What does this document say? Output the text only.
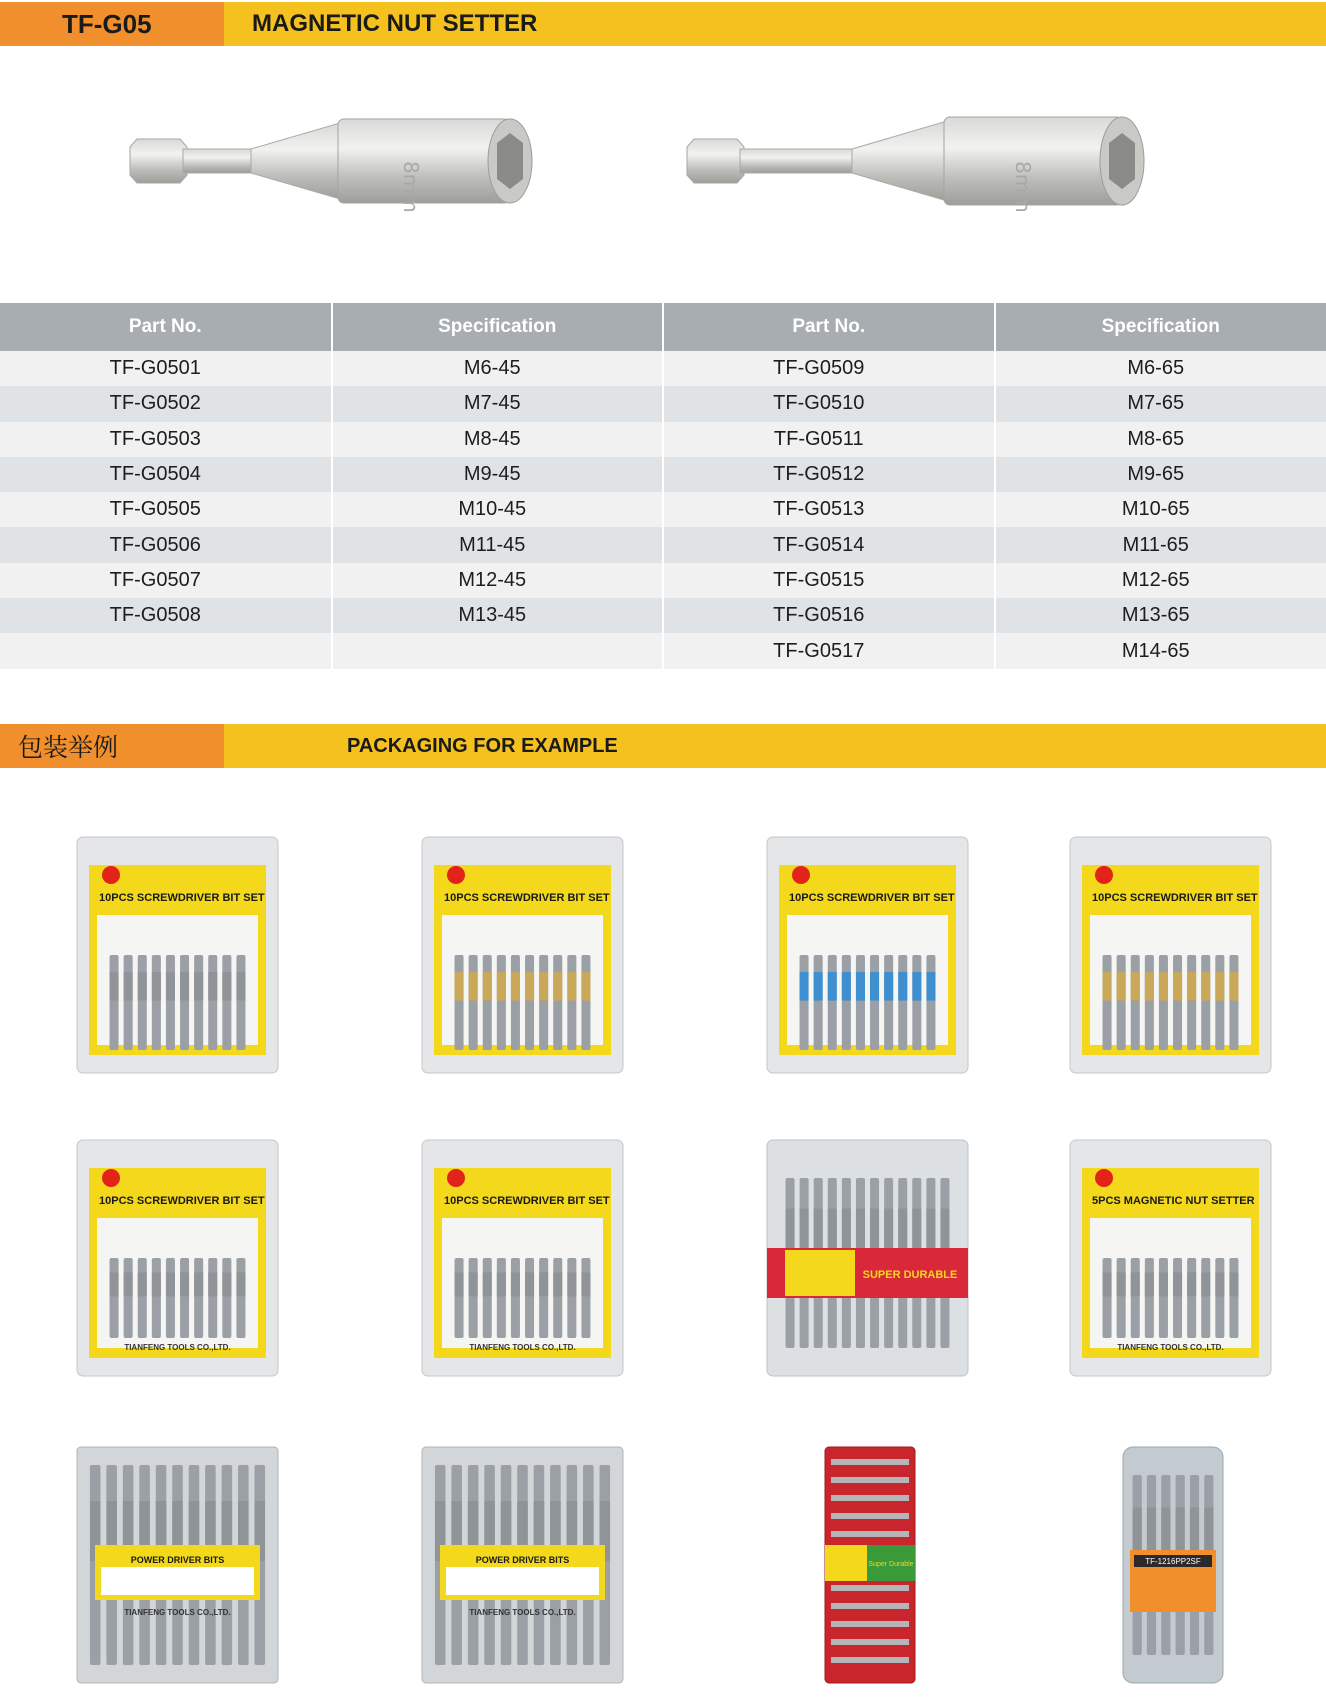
TF-G05	MAGNETIC NUT SETTER
8mm	8mm
Part No.	Specification	Part No.	Specification
TF-G0501	M6-45	TF-G0509	M6-65
TF-G0502	M7-45	TF-G0510	M7-65
TF-G0503	M8-45	TF-G0511	M8-65
TF-G0504	M9-45	TF-G0512	M9-65
TF-G0505	M10-45	TF-G0513	M10-65
TF-G0506	M11-45	TF-G0514	M11-65
TF-G0507	M12-45	TF-G0515	M12-65
TF-G0508	M13-45	TF-G0516	M13-65
		TF-G0517	M14-65
包装举例	PACKAGING FOR EXAMPLE
10PCS SCREWDRIVER BIT SET	10PCS SCREWDRIVER BIT SET	10PCS SCREWDRIVER BIT SET	10PCS SCREWDRIVER BIT SET
10PCS SCREWDRIVER BIT SET
TIANFENG TOOLS CO.,LTD.
10PCS SCREWDRIVER BIT SET
TIANFENG TOOLS CO.,LTD.
SUPER DURABLE
5PCS MAGNETIC NUT SETTER
TIANFENG TOOLS CO.,LTD.
POWER DRIVER BITS
TIANFENG TOOLS CO.,LTD.
POWER DRIVER BITS
TIANFENG TOOLS CO.,LTD.
Super Durable	TF-1216PP2SF
